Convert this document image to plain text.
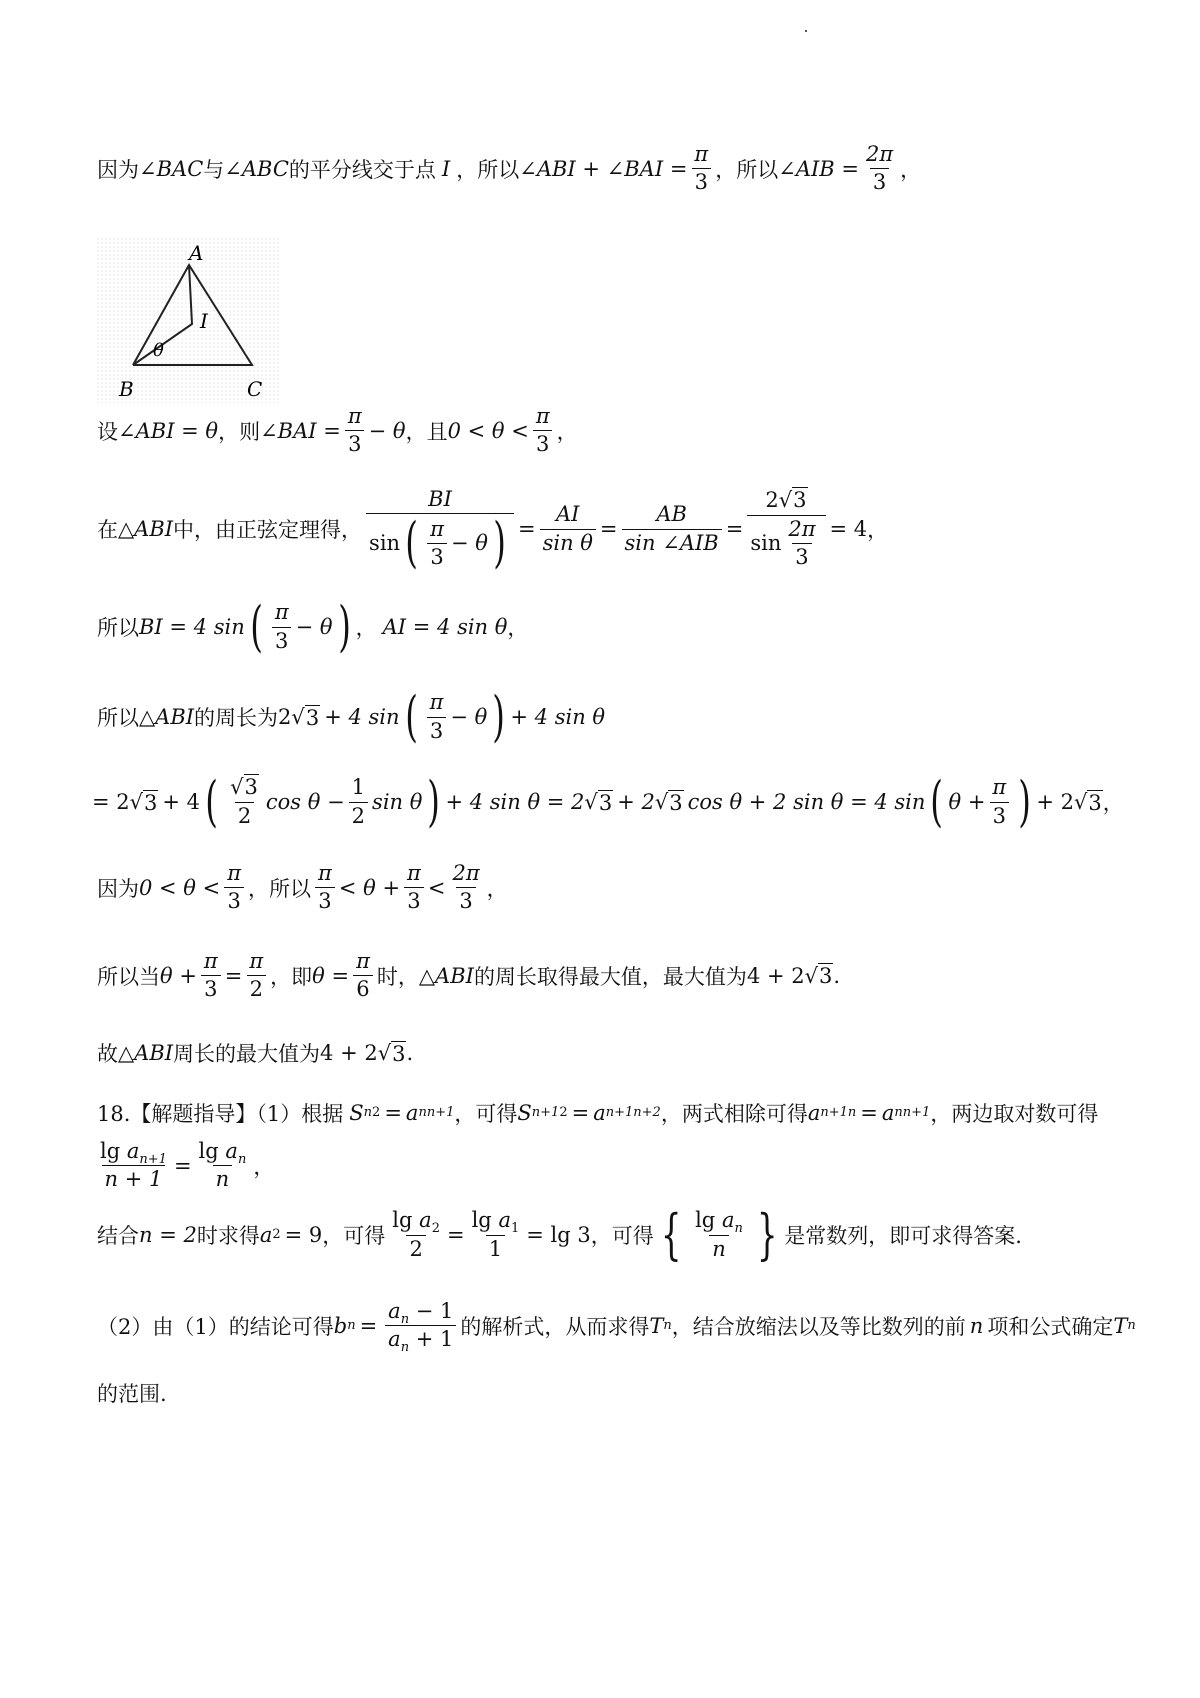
因为 ∠BAC 与 ∠ABC 的平分线交于点 I ，所以 ∠ABI + ∠BAI = $\frac{\pi}{3}$ ，所以 ∠AIB = $\frac{2\pi}{3}$ ，
A
B	C
I
θ
设 ∠ABI = θ ，则 ∠BAI = $\frac{\pi}{3} - \theta$ ，且 $0 < \theta < \frac{\pi}{3}$ ，
在 △ABI 中，由正弦定理得， $\frac{BI}{\sin ( \frac{\pi}{3} - \theta )} = \frac{AI}{\text{sin θ}} = \frac{AB}{\text{sin ∠AIB}} = \frac{2√3}{\sin \frac{2\pi}{3}} = 4$ ，
所以 BI = 4 sin ( $\frac{\pi}{3} - \theta$ ) ， AI = 4 sin θ ，
所以 △ABI 的周长为 2 √ 3 + 4 sin ( $\frac{\pi}{3} - \theta$ ) + 4 sin θ
= 2 √ 3 + 4 ( $\frac{√3}{2}$ $\cos \theta - \frac{1}{2}$ sin θ ) + 4 sin θ = 2 √ 3 + 2 √ 3 cos θ + 2 sin θ = 4 sin ( $\theta + \frac{\pi}{3}$ ) + 2 √ 3 ，
因为 $0 < \theta < \frac{\pi}{3}$ ，所以 $\frac{\pi}{3} < \theta + \frac{\pi}{3} < \frac{2\pi}{3}$ ，
所以当 $\theta + \frac{\pi}{3} = \frac{\pi}{2}$ ，即 $\theta = \frac{\pi}{6}$ 时， △ABI 的周长取得最大值，最大值为 4 + 2 √ 3 .
故 △ABI 周长的最大值为 4 + 2 √ 3 .
18.【解题指导】（1）根据 S n 2 = a n n+1 ，可得 S n+1 2 = a n+1 n+2 ，两式相除可得 a n+1 n = a n n+1 ，两边取对数可得
$\frac{\lg a_{n+1}}{n + 1} = \frac{\lg a_n}{n}$ ，
结合 n = 2 时求得 a 2 = 9 ，可得 $\frac{\lg a_2}{2} = \frac{\lg a_1}{1} = \lg 3$ ，可得 { $\frac{\lg a_n}{n}$ } 是常数列，即可求得答案.
（2）由（1）的结论可得 b $n = \frac{a_n - 1}{a_n + 1}$ 的解析式，从而求得 T n ，结合放缩法以及等比数列的前 n 项和公式确定 T n
的范围.
